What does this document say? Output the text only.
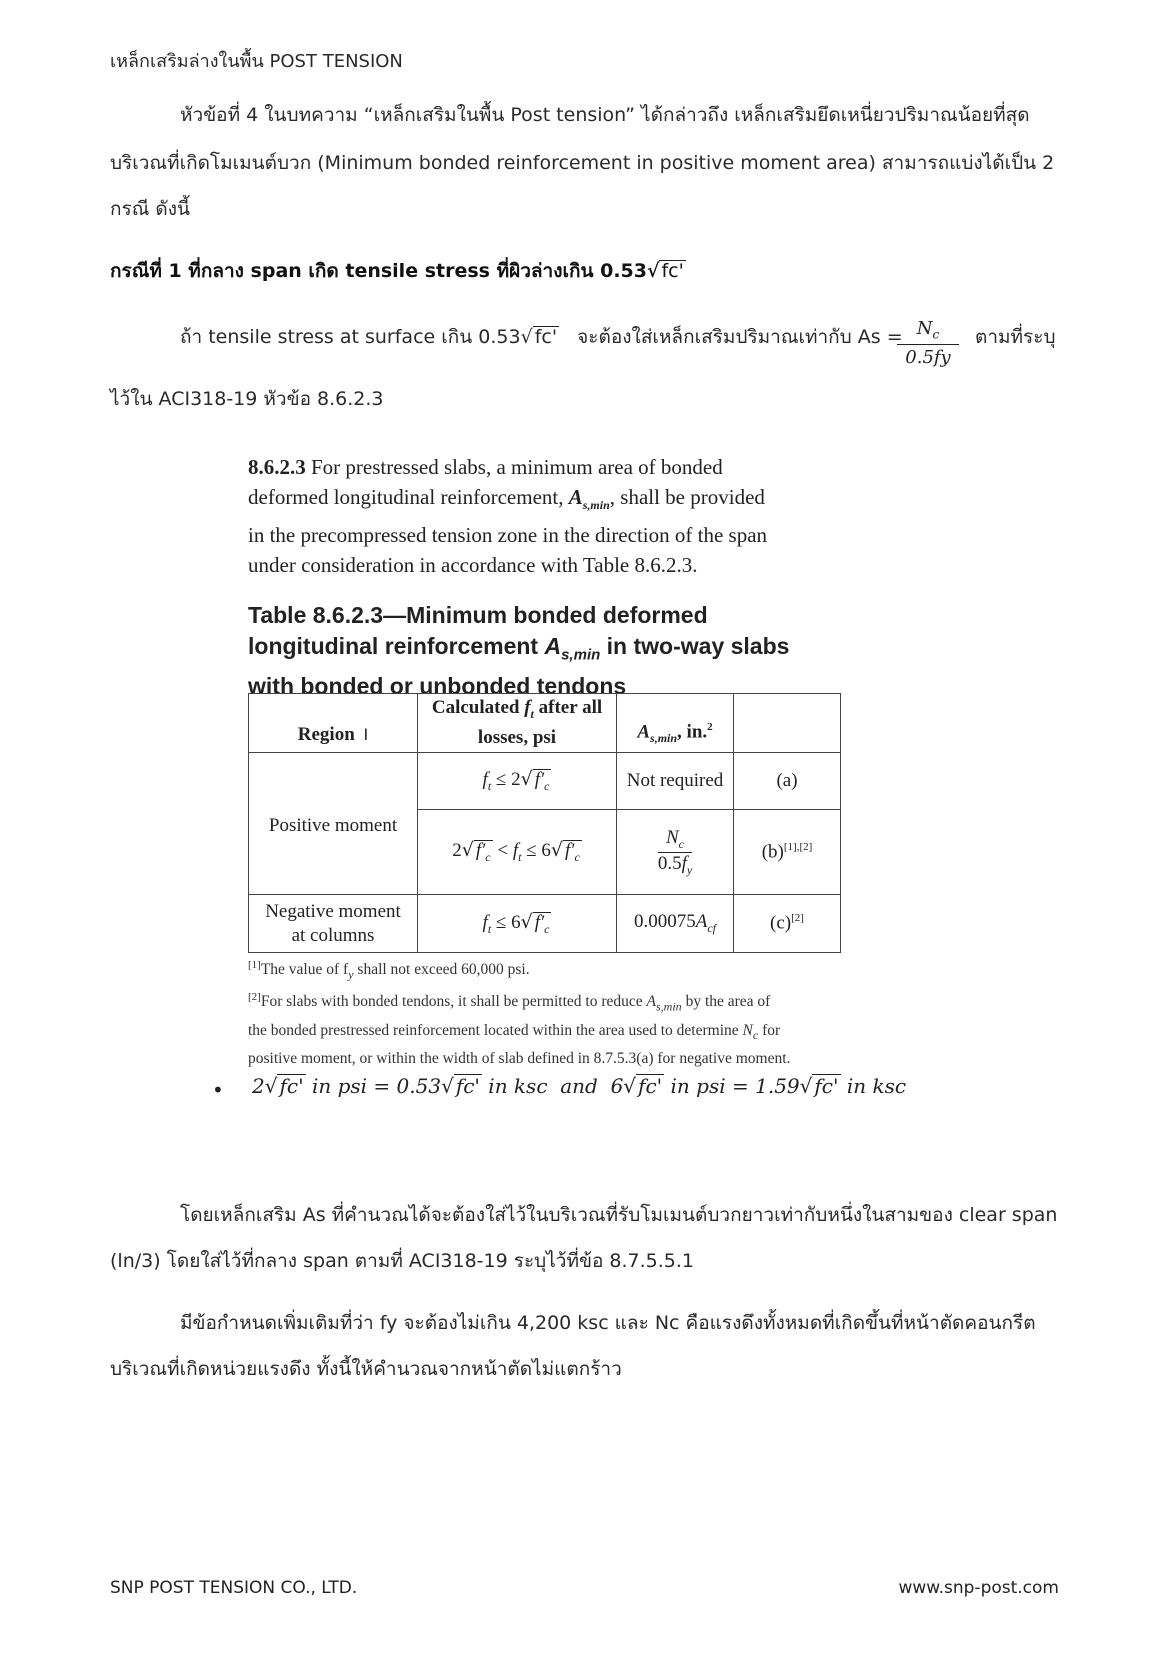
เหล็กเสริมล่างในพื้น POST TENSION
หัวข้อที่ 4 ในบทความ “เหล็กเสริมในพื้น Post tension” ได้กล่าวถึง เหล็กเสริมยึดเหนี่ยวปริมาณน้อยที่สุด
บริเวณที่เกิดโมเมนต์บวก (Minimum bonded reinforcement in positive moment area) สามารถแบ่งได้เป็น 2
กรณี ดังนี้
กรณีที่ 1 ที่กลาง span เกิด tensile stress ที่ผิวล่างเกิน 0.53√ fc'
ถ้า tensile stress at surface เกิน 0.53√ fc' จะต้องใส่เหล็กเสริมปริมาณเท่ากับ $As = N_c$
0.5fy
ตามที่ระบุ
ไว้ใน ACI318-19 หัวข้อ 8.6.2.3
8.6.2.3 For prestressed slabs, a minimum area of bonded
deformed longitudinal reinforcement, $A_{s,min}$, shall be provided
in the precompressed tension zone in the direction of the span
under consideration in accordance with Table 8.6.2.3.
Table 8.6.2.3—Minimum bonded deformed
longitudinal reinforcement $A_{s,min}$ in two-way slabs
with bonded or unbonded tendons
Region I	Calculated $f_t$ after all
losses, psi	$A_{s,min}$, in.$^2$	
Positive moment	$f_t \le 2√$ $f'_c$	Not required	(a)
	2√ $f'_c < f_t \le 6√$ $f'_c$	$\frac{N_c}{0.5f_y}$	(b)[1],[2]

Negative moment
at columns	$f_t \le 6√$ $f'_c$	$0.00075A_{cf}$	(c)[2]
[1]The value of $f_y$ shall not exceed 60,000 psi.
[2]For slabs with bonded tendons, it shall be permitted to reduce $A_{s,min}$ by the area of
the bonded prestressed reinforcement located within the area used to determine $N_c$ for
positive moment, or within the width of slab defined in 8.7.5.3(a) for negative moment.
• 2√ fc' in psi = 0.53√ fc' in ksc and 6√ fc' in psi = 1.59√ fc' in ksc
โดยเหล็กเสริม As ที่คำนวณได้จะต้องใส่ไว้ในบริเวณที่รับโมเมนต์บวกยาวเท่ากับหนึ่งในสามของ clear span
(ln/3) โดยใส่ไว้ที่กลาง span ตามที่ ACI318-19 ระบุไว้ที่ข้อ 8.7.5.5.1
มีข้อกำหนดเพิ่มเติมที่ว่า fy จะต้องไม่เกิน 4,200 ksc และ Nc คือแรงดึงทั้งหมดที่เกิดขึ้นที่หน้าตัดคอนกรีต
บริเวณที่เกิดหน่วยแรงดึง ทั้งนี้ให้คำนวณจากหน้าตัดไม่แตกร้าว
SNP POST TENSION CO., LTD.	www.snp-post.com
